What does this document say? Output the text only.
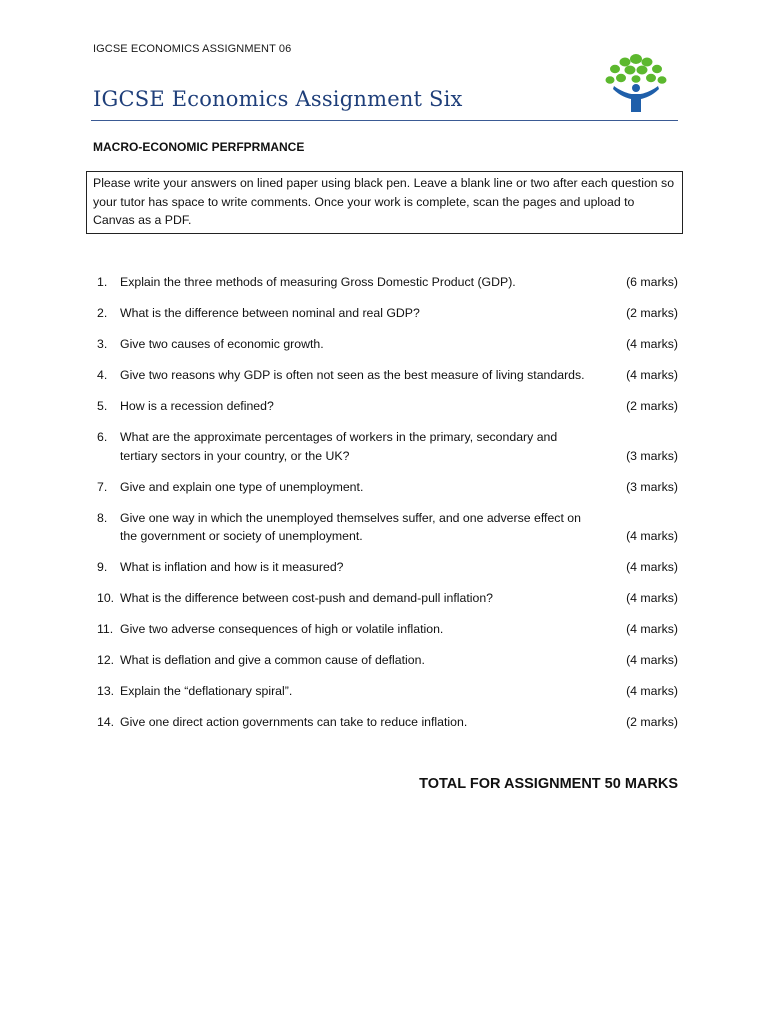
IGCSE ECONOMICS ASSIGNMENT 06
IGCSE Economics Assignment Six
MACRO-ECONOMIC PERFPRMANCE
Please write your answers on lined paper using black pen. Leave a blank line or two after each question so your tutor has space to write comments. Once your work is complete, scan the pages and upload to Canvas as a PDF.
1.	Explain the three methods of measuring Gross Domestic Product (GDP).	(6 marks)
2.	What is the difference between nominal and real GDP?	(2 marks)
3.	Give two causes of economic growth.	(4 marks)
4.	Give two reasons why GDP is often not seen as the best measure of living standards.	(4 marks)
5.	How is a recession defined?	(2 marks)
6.	What are the approximate percentages of workers in the primary, secondary and tertiary sectors in your country, or the UK?	(3 marks)
7.	Give and explain one type of unemployment.	(3 marks)
8.	Give one way in which the unemployed themselves suffer, and one adverse effect on the government or society of unemployment.	(4 marks)
9.	What is inflation and how is it measured?	(4 marks)
10. What is the difference between cost-push and demand-pull inflation?	(4 marks)
11. Give two adverse consequences of high or volatile inflation.	(4 marks)
12. What is deflation and give a common cause of deflation.	(4 marks)
13. Explain the “deflationary spiral”.	(4 marks)
14. Give one direct action governments can take to reduce inflation.	(2 marks)
TOTAL FOR ASSIGNMENT 50 MARKS
